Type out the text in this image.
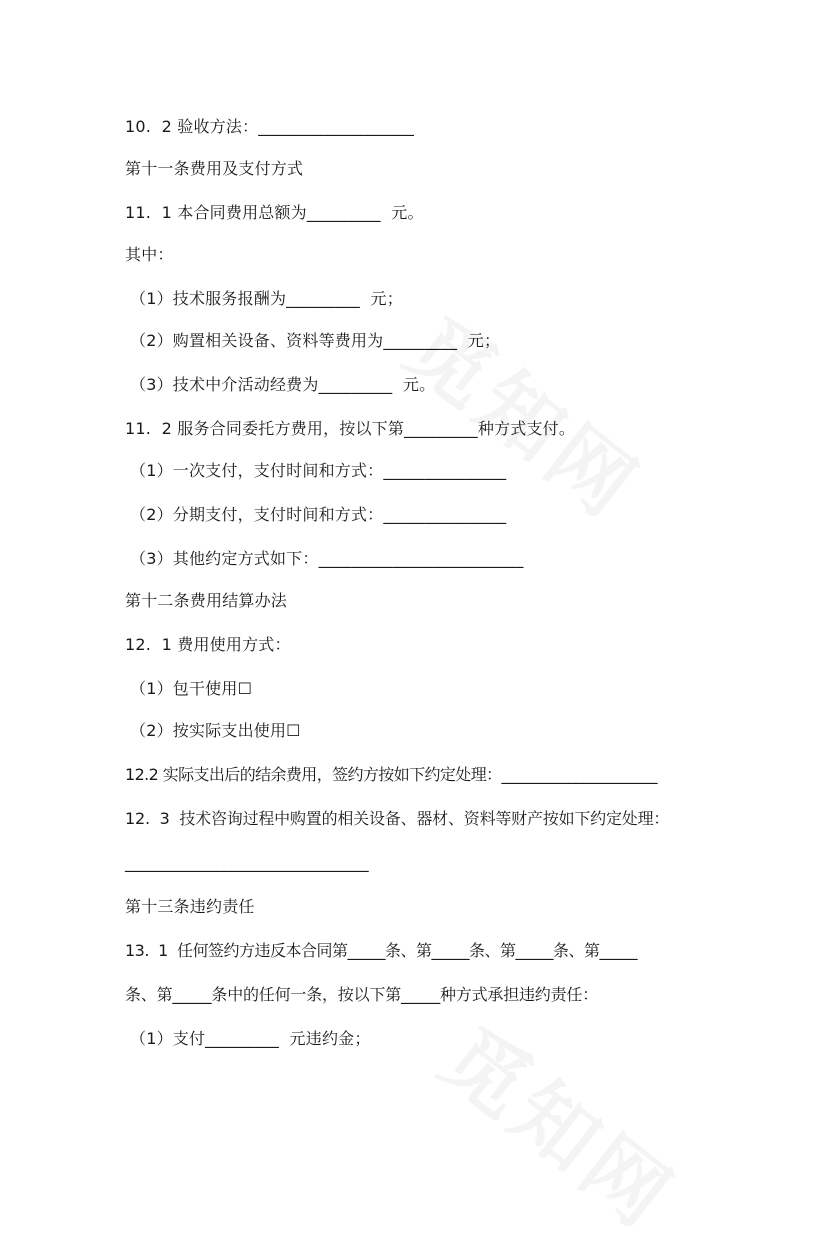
10.  2 验收方法：___________________
第十一条费用及支付方式
11.  1 本合同费用总额为_________  元。
其中：
（1）技术服务报酬为_________  元；
（2）购置相关设备、资料等费用为_________  元；
（3）技术中介活动经费为_________  元。
11.  2 服务合同委托方费用，按以下第_________种方式支付。
（1）一次支付，支付时间和方式：_______________
（2）分期支付，支付时间和方式：_______________
（3）其他约定方式如下：_________________________
第十二条费用结算办法
12.  1 费用使用方式：
（1）包干使用☐
（2）按实际支出使用☐
12.2 实际支出后的结余费用，签约方按如下约定处理：_____________________
12.  3  技术咨询过程中购置的相关设备、器材、资料等财产按如下约定处理：
________________________________
第十三条违约责任
13.  1  任何签约方违反本合同第_____条、第_____条、第_____条、第_____
条、第_____条中的任何一条，按以下第_____种方式承担违约责任：
（1）支付_________  元违约金；
